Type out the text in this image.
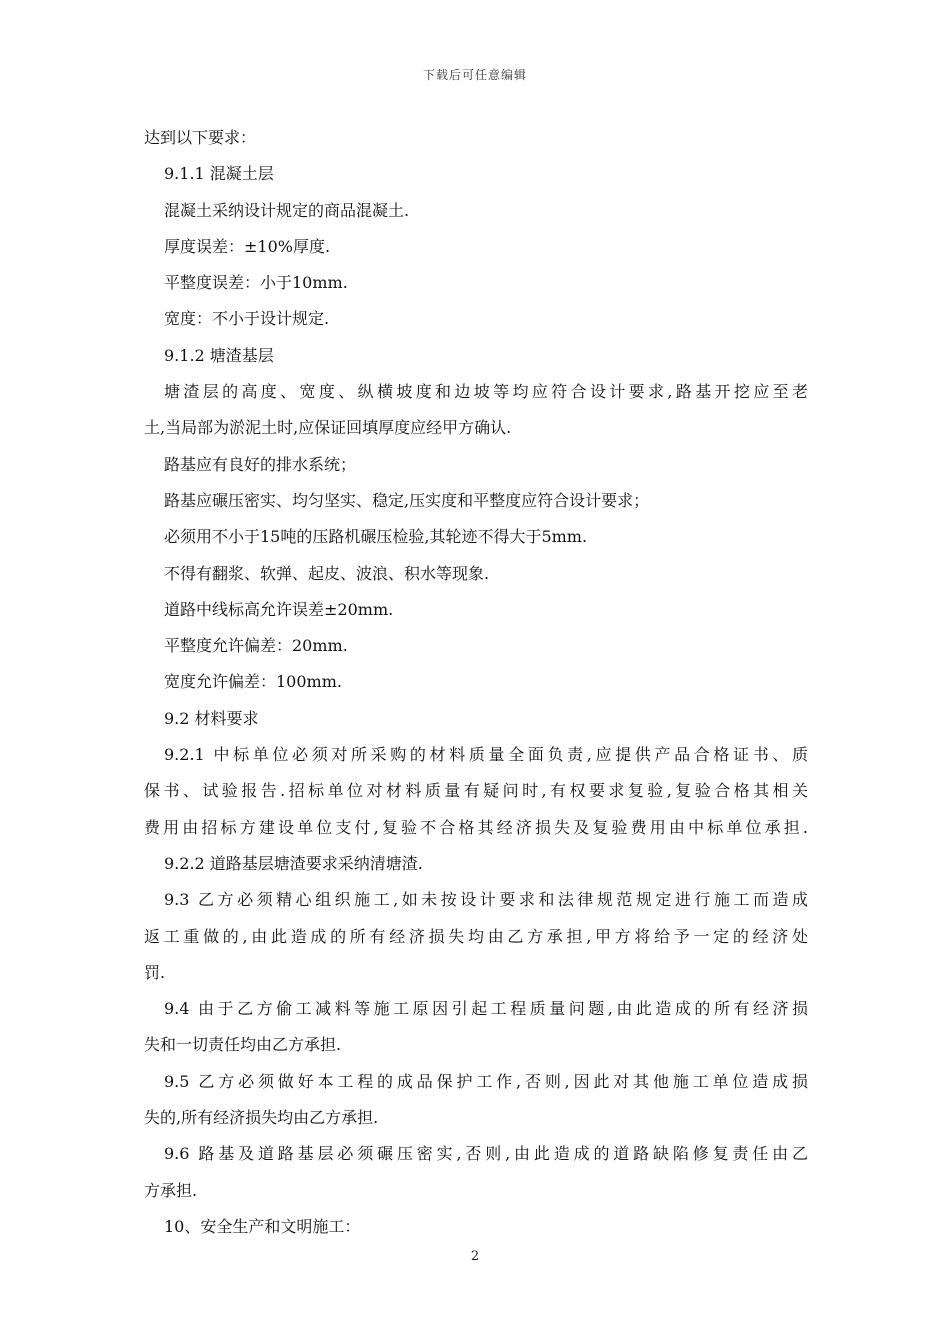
下载后可任意编辑
达到以下要求：
9.1.1 混凝土层
混凝土采纳设计规定的商品混凝土.
厚度误差：±10%厚度.
平整度误差：小于10mm.
宽度：不小于设计规定.
9.1.2 塘渣基层
塘渣层的高度、宽度、纵横坡度和边坡等均应符合设计要求,路基开挖应至老
土,当局部为淤泥土时,应保证回填厚度应经甲方确认.
路基应有良好的排水系统；
路基应碾压密实、均匀坚实、稳定,压实度和平整度应符合设计要求；
必须用不小于15吨的压路机碾压检验,其轮迹不得大于5mm.
不得有翻浆、软弹、起皮、波浪、积水等现象.
道路中线标高允许误差±20mm.
平整度允许偏差：20mm.
宽度允许偏差：100mm.
9.2 材料要求
9.2.1 中标单位必须对所采购的材料质量全面负责,应提供产品合格证书、质
保书、试验报告.招标单位对材料质量有疑问时,有权要求复验,复验合格其相关
费用由招标方建设单位支付,复验不合格其经济损失及复验费用由中标单位承担.
9.2.2 道路基层塘渣要求采纳清塘渣.
9.3 乙方必须精心组织施工,如未按设计要求和法律规范规定进行施工而造成
返工重做的,由此造成的所有经济损失均由乙方承担,甲方将给予一定的经济处
罚.
9.4 由于乙方偷工减料等施工原因引起工程质量问题,由此造成的所有经济损
失和一切责任均由乙方承担.
9.5 乙方必须做好本工程的成品保护工作,否则,因此对其他施工单位造成损
失的,所有经济损失均由乙方承担.
9.6 路基及道路基层必须碾压密实,否则,由此造成的道路缺陷修复责任由乙
方承担.
10、安全生产和文明施工：
2
